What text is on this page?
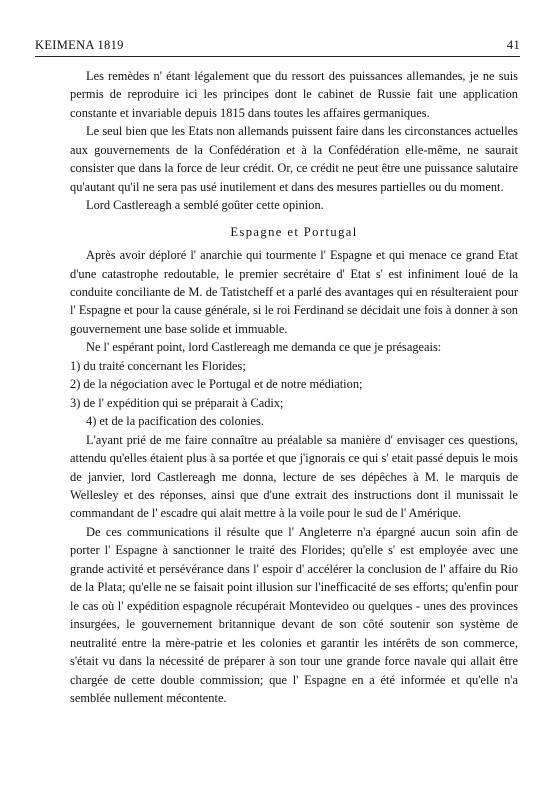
KEIMENA 1819	41

Les remèdes n' étant légalement que du ressort des puissances allemandes, je ne suis permis de reproduire ici les principes dont le cabinet de Russie fait une application constante et invariable depuis 1815 dans toutes les affaires germaniques.

Le seul bien que les Etats non allemands puissent faire dans les circonstances actuelles aux gouvernements de la Confédération et à la Confédération elle-même, ne saurait consister que dans la force de leur crédit. Or, ce crédit ne peut être une puissance salutaire qu'autant qu'il ne sera pas usé inutilement et dans des mesures partielles ou du moment.

Lord Castlereagh a semblé goûter cette opinion.

Espagne et Portugal

Après avoir déploré l' anarchie qui tourmente l' Espagne et qui menace ce grand Etat d'une catastrophe redoutable, le premier secrétaire d' Etat s' est infiniment loué de la conduite conciliante de M. de Tatistcheff et a parlé des avantages qui en résulteraient pour l' Espagne et pour la cause générale, si le roi Ferdinand se décidait une fois à donner à son gouvernement une base solide et immuable.

Ne l' espérant point, lord Castlereagh me demanda ce que je présageais:

1) du traité concernant les Florides;

2) de la négociation avec le Portugal et de notre médiation;

3) de l' expédition qui se préparait à Cadix;

4) et de la pacification des colonies.

L'ayant prié de me faire connaître au préalable sa manière d' envisager ces questions, attendu qu'elles étaient plus à sa portée et que j'ignorais ce qui s' etait passé depuis le mois de janvier, lord Castlereagh me donna, lecture de ses dépêches à M. le marquis de Wellesley et des réponses, ainsi que d'une extrait des instructions dont il munissait le commandant de l' escadre qui alait mettre à la voile pour le sud de l' Amérique.

De ces communications il résulte que l' Angleterre n'a épargné aucun soin afin de porter l' Espagne à sanctionner le traité des Florides; qu'elle s' est employée avec une grande activité et persévérance dans l' espoir d' accélérer la conclusion de l' affaire du Rio de la Plata; qu'elle ne se faisait point illusion sur l'inefficacité de ses efforts; qu'enfin pour le cas où l' expédition espagnole récupérait Montevideo ou quelques - unes des provinces insurgées, le gouvernement britannique devant de son côté soutenir son système de neutralité entre la mère-patrie et les colonies et garantir les intérêts de son commerce, s'était vu dans la nécessité de préparer à son tour une grande force navale qui allait être chargée de cette double commission; que l' Espagne en a été informée et qu'elle n'a semblée nullement mécontente.
